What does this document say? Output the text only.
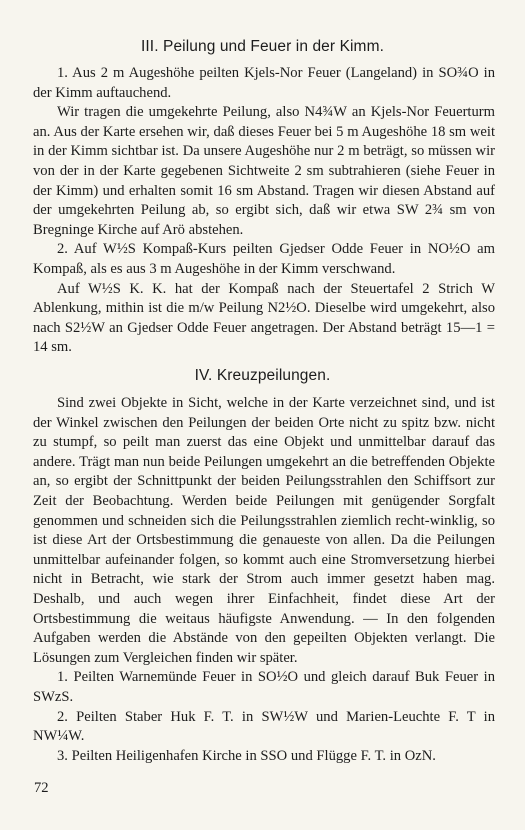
III. Peilung und Feuer in der Kimm.

1. Aus 2 m Augeshöhe peilten Kjels-Nor Feuer (Langeland) in SO¾O in der Kimm auftauchend.

Wir tragen die umgekehrte Peilung, also N4¾W an Kjels-Nor Feuerturm an. Aus der Karte ersehen wir, daß dieses Feuer bei 5 m Augeshöhe 18 sm weit in der Kimm sichtbar ist. Da unsere Augeshöhe nur 2 m beträgt, so müssen wir von der in der Karte gegebenen Sichtweite 2 sm subtrahieren (siehe Feuer in der Kimm) und erhalten somit 16 sm Abstand. Tragen wir diesen Abstand auf der umgekehrten Peilung ab, so ergibt sich, daß wir etwa SW 2¾ sm von Bregninge Kirche auf Arö abstehen.

2. Auf W½S Kompaß-Kurs peilten Gjedser Odde Feuer in NO½O am Kompaß, als es aus 3 m Augeshöhe in der Kimm verschwand.

Auf W½S K. K. hat der Kompaß nach der Steuertafel 2 Strich W Ablenkung, mithin ist die m/w Peilung N2½O. Dieselbe wird umgekehrt, also nach S2½W an Gjedser Odde Feuer angetragen. Der Abstand beträgt 15—1 = 14 sm.

IV. Kreuzpeilungen.

Sind zwei Objekte in Sicht, welche in der Karte verzeichnet sind, und ist der Winkel zwischen den Peilungen der beiden Orte nicht zu spitz bzw. nicht zu stumpf, so peilt man zuerst das eine Objekt und unmittelbar darauf das andere. Trägt man nun beide Peilungen umgekehrt an die betreffenden Objekte an, so ergibt der Schnittpunkt der beiden Peilungsstrahlen den Schiffsort zur Zeit der Beobachtung. Werden beide Peilungen mit genügender Sorgfalt genommen und schneiden sich die Peilungsstrahlen ziemlich recht-winklig, so ist diese Art der Ortsbestimmung die genaueste von allen. Da die Peilungen unmittelbar aufeinander folgen, so kommt auch eine Stromversetzung hierbei nicht in Betracht, wie stark der Strom auch immer gesetzt haben mag. Deshalb, und auch wegen ihrer Einfachheit, findet diese Art der Ortsbestimmung die weitaus häufigste Anwendung. — In den folgenden Aufgaben werden die Abstände von den gepeilten Objekten verlangt. Die Lösungen zum Vergleichen finden wir später.

1. Peilten Warnemünde Feuer in SO½O und gleich darauf Buk Feuer in SWzS.

2. Peilten Staber Huk F. T. in SW½W und Marien-Leuchte F. T in NW¼W.

3. Peilten Heiligenhafen Kirche in SSO und Flügge F. T. in OzN.

72
